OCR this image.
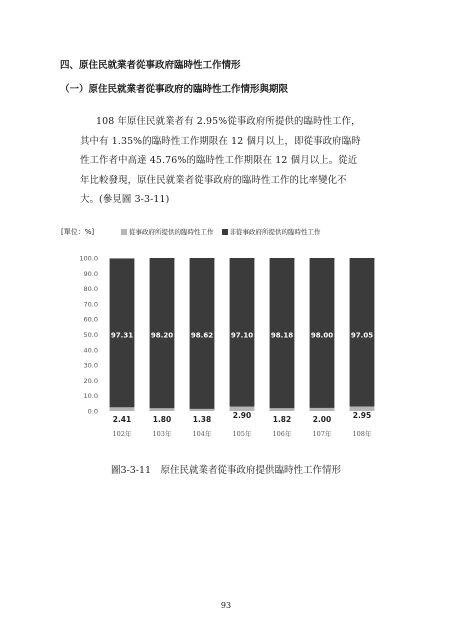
四、原住民就業者從事政府臨時性工作情形
（一）原住民就業者從事政府的臨時性工作情形與期限
108 年原住民就業者有 2.95%從事政府所提供的臨時性工作，
其中有 1.35%的臨時性工作期限在 12 個月以上，即從事政府臨時
性工作者中高達 45.76%的臨時性工作期限在 12 個月以上。從近
年比較發現，原住民就業者從事政府的臨時性工作的比率變化不
大。(參見圖 3-3-11)
[單位：%]	從事政府所提供的臨時性工作 非從事政府所提供的臨時性工作
0.0
10.0
20.0
30.0
40.0
50.0
60.0
70.0
80.0
90.0
100.0
97.31
2.41
102年
98.20
1.80
103年
98.62
1.38
104年
97.10
2.90
105年
98.18
1.82
106年
98.00
2.00
107年
97.05
2.95
108年
圖3-3-11　原住民就業者從事政府提供臨時性工作情形
93
